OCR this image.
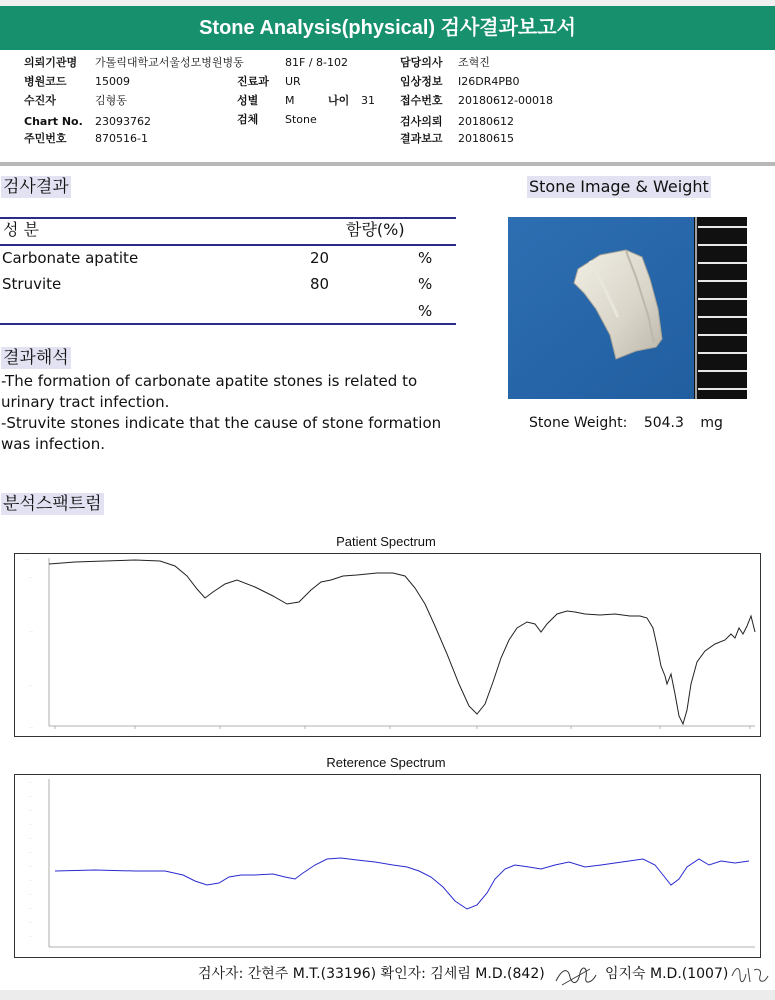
Stone Analysis(physical) 검사결과보고서
의뢰기관명 가톨릭대학교서울성모병원병동
병원코드	15009
수진자	김형동
Chart No. 23093762
주민번호	870516-1
81F / 8-102
진료과 UR
성별 M	나이 31
검체 Stone
담당의사 조혁진
임상정보 I26DR4PB0
접수번호 20180612-00018
검사의뢰 20180612
결과보고 20180615
검사결과
성 분	함량(%)
Carbonate apatite	20	%
Struvite	80	%
%
결과해석
-The formation of carbonate apatite stones is related to urinary tract infection.
-Struvite stones indicate that the cause of stone formation was infection.
Stone Image & Weight
Stone Weight: 504.3 mg
분석스팩트럼
Patient Spectrum
····
····
····
····
····
Reterence Spectrum
···
···
···
···
···
···
···
···
···
···
···
···
검사자: 간현주 M.T.(33196) 확인자: 김세림 M.D.(842)	임지숙 M.D.(1007)
